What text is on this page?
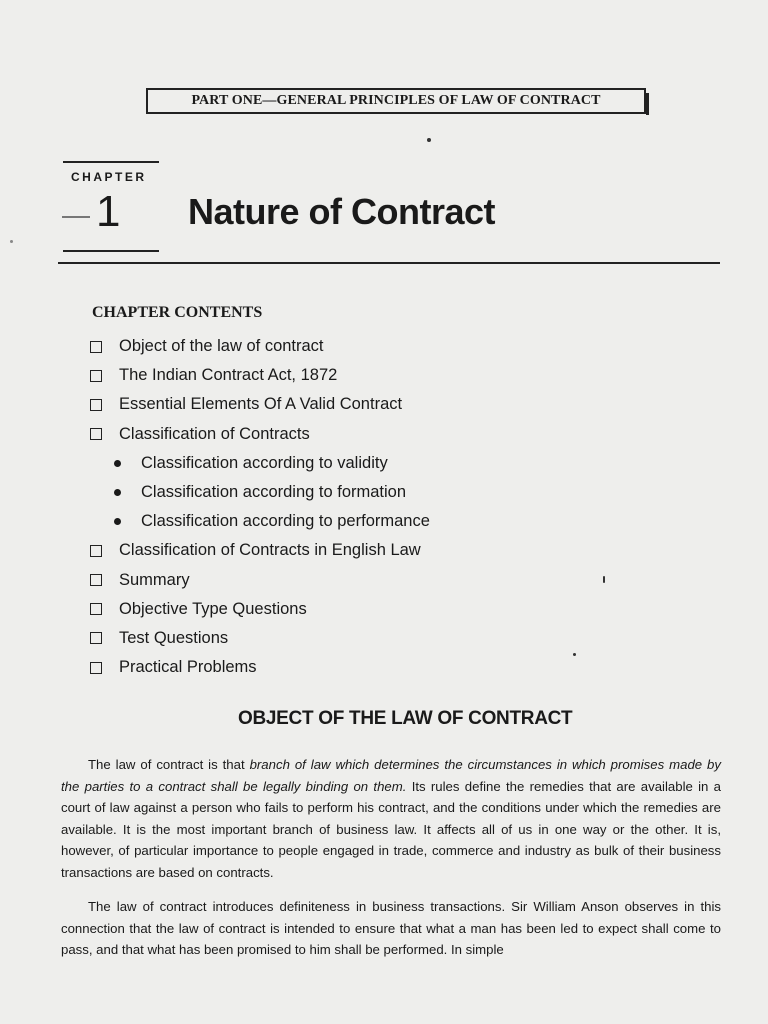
PART ONE—GENERAL PRINCIPLES OF LAW OF CONTRACT
CHAPTER
1 Nature of Contract
CHAPTER CONTENTS
Object of the law of contract
The Indian Contract Act, 1872
Essential Elements Of A Valid Contract
Classification of Contracts
Classification according to validity
Classification according to formation
Classification according to performance
Classification of Contracts in English Law
Summary
Objective Type Questions
Test Questions
Practical Problems
OBJECT OF THE LAW OF CONTRACT

The law of contract is that branch of law which determines the circumstances in which promises made by the parties to a contract shall be legally binding on them. Its rules define the remedies that are available in a court of law against a person who fails to perform his contract, and the conditions under which the remedies are available. It is the most important branch of business law. It affects all of us in one way or the other. It is, however, of particular importance to people engaged in trade, commerce and industry as bulk of their business transactions are based on contracts.

The law of contract introduces definiteness in business transactions. Sir William Anson observes in this connection that the law of contract is intended to ensure that what a man has been led to expect shall come to pass, and that what has been promised to him shall be performed. In simple
